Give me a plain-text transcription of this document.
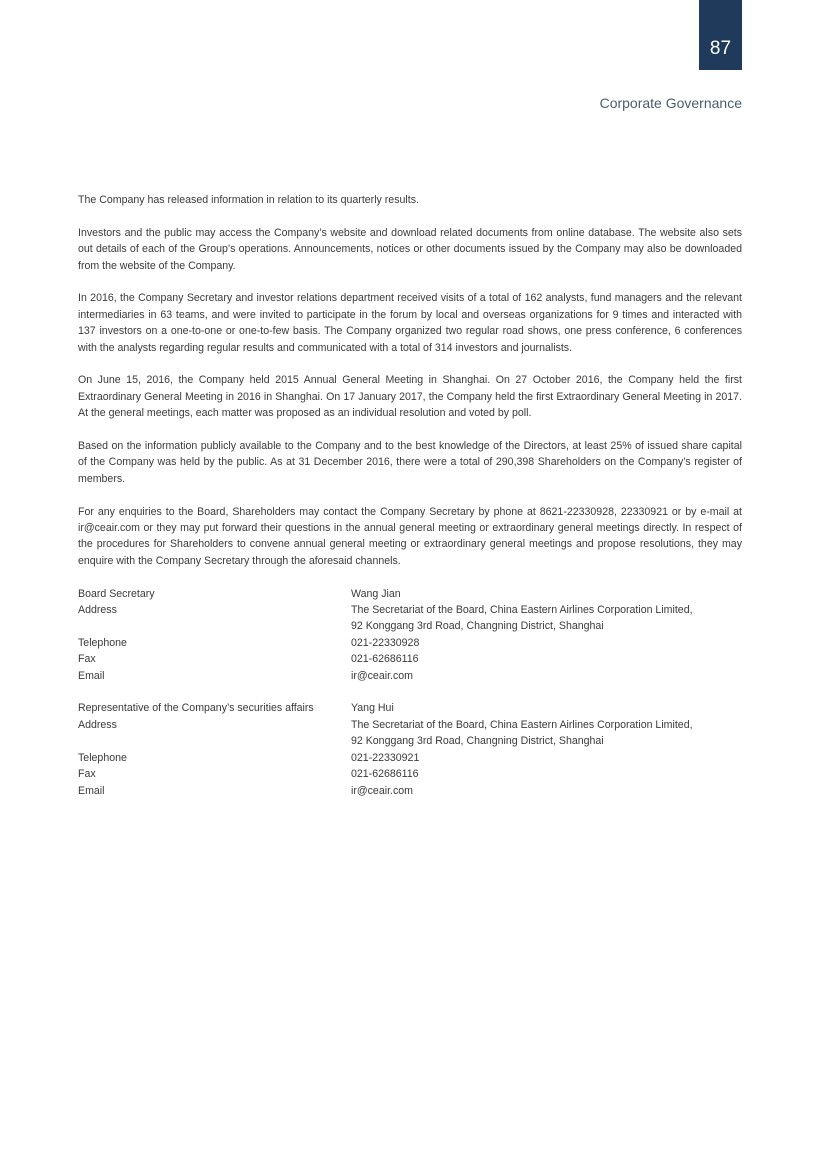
87
Corporate Governance

The Company has released information in relation to its quarterly results.

Investors and the public may access the Company’s website and download related documents from online database. The website also sets out details of each of the Group’s operations. Announcements, notices or other documents issued by the Company may also be downloaded from the website of the Company.

In 2016, the Company Secretary and investor relations department received visits of a total of 162 analysts, fund managers and the relevant intermediaries in 63 teams, and were invited to participate in the forum by local and overseas organizations for 9 times and interacted with 137 investors on a one-to-one or one-to-few basis. The Company organized two regular road shows, one press conference, 6 conferences with the analysts regarding regular results and communicated with a total of 314 investors and journalists.

On June 15, 2016, the Company held 2015 Annual General Meeting in Shanghai. On 27 October 2016, the Company held the first Extraordinary General Meeting in 2016 in Shanghai. On 17 January 2017, the Company held the first Extraordinary General Meeting in 2017. At the general meetings, each matter was proposed as an individual resolution and voted by poll.

Based on the information publicly available to the Company and to the best knowledge of the Directors, at least 25% of issued share capital of the Company was held by the public. As at 31 December 2016, there were a total of 290,398 Shareholders on the Company’s register of members.

For any enquiries to the Board, Shareholders may contact the Company Secretary by phone at 8621-22330928, 22330921 or by e-mail at ir@ceair.com or they may put forward their questions in the annual general meeting or extraordinary general meetings directly. In respect of the procedures for Shareholders to convene annual general meeting or extraordinary general meetings and propose resolutions, they may enquire with the Company Secretary through the aforesaid channels.

Board Secretary	Wang Jian
Address	The Secretariat of the Board, China Eastern Airlines Corporation Limited,
92 Konggang 3rd Road, Changning District, Shanghai
Telephone	021-22330928
Fax	021-62686116
Email	ir@ceair.com
Representative of the Company’s securities affairs	Yang Hui
Address	The Secretariat of the Board, China Eastern Airlines Corporation Limited,
92 Konggang 3rd Road, Changning District, Shanghai
Telephone	021-22330921
Fax	021-62686116
Email	ir@ceair.com
